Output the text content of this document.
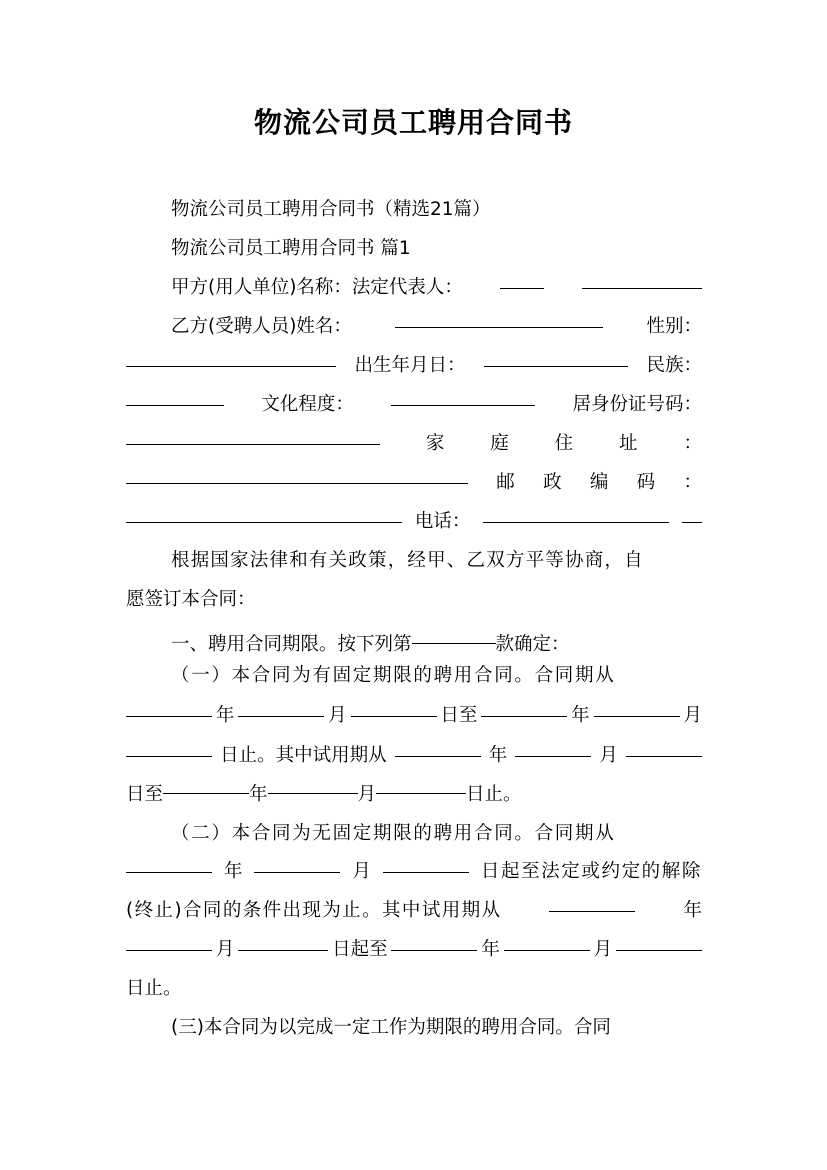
物流公司员工聘用合同书
物流公司员工聘用合同书（精选21篇）
物流公司员工聘用合同书 篇1
甲方(用人单位)名称：法定代表人：
乙方(受聘人员)姓名：	性别：
出生年月日：	民族：
文化程度：	居身份证号码：
家 庭 住 址 ：
邮 政 编 码 ：
电话：
根据国家法律和有关政策，经甲、乙双方平等协商，自
愿签订本合同：
一、聘用合同期限。按下列第	款确定：
（一）本合同为有固定期限的聘用合同。合同期从
年	月	日至	年	月
日止。其中试用期从	年	月
日至	年	月	日止。
（二）本合同为无固定期限的聘用合同。合同期从
年	月	日起至法定或约定的解除
(终止)合同的条件出现为止。其中试用期从	年
月	日起至	年	月
日止。
(三)本合同为以完成一定工作为期限的聘用合同。合同
